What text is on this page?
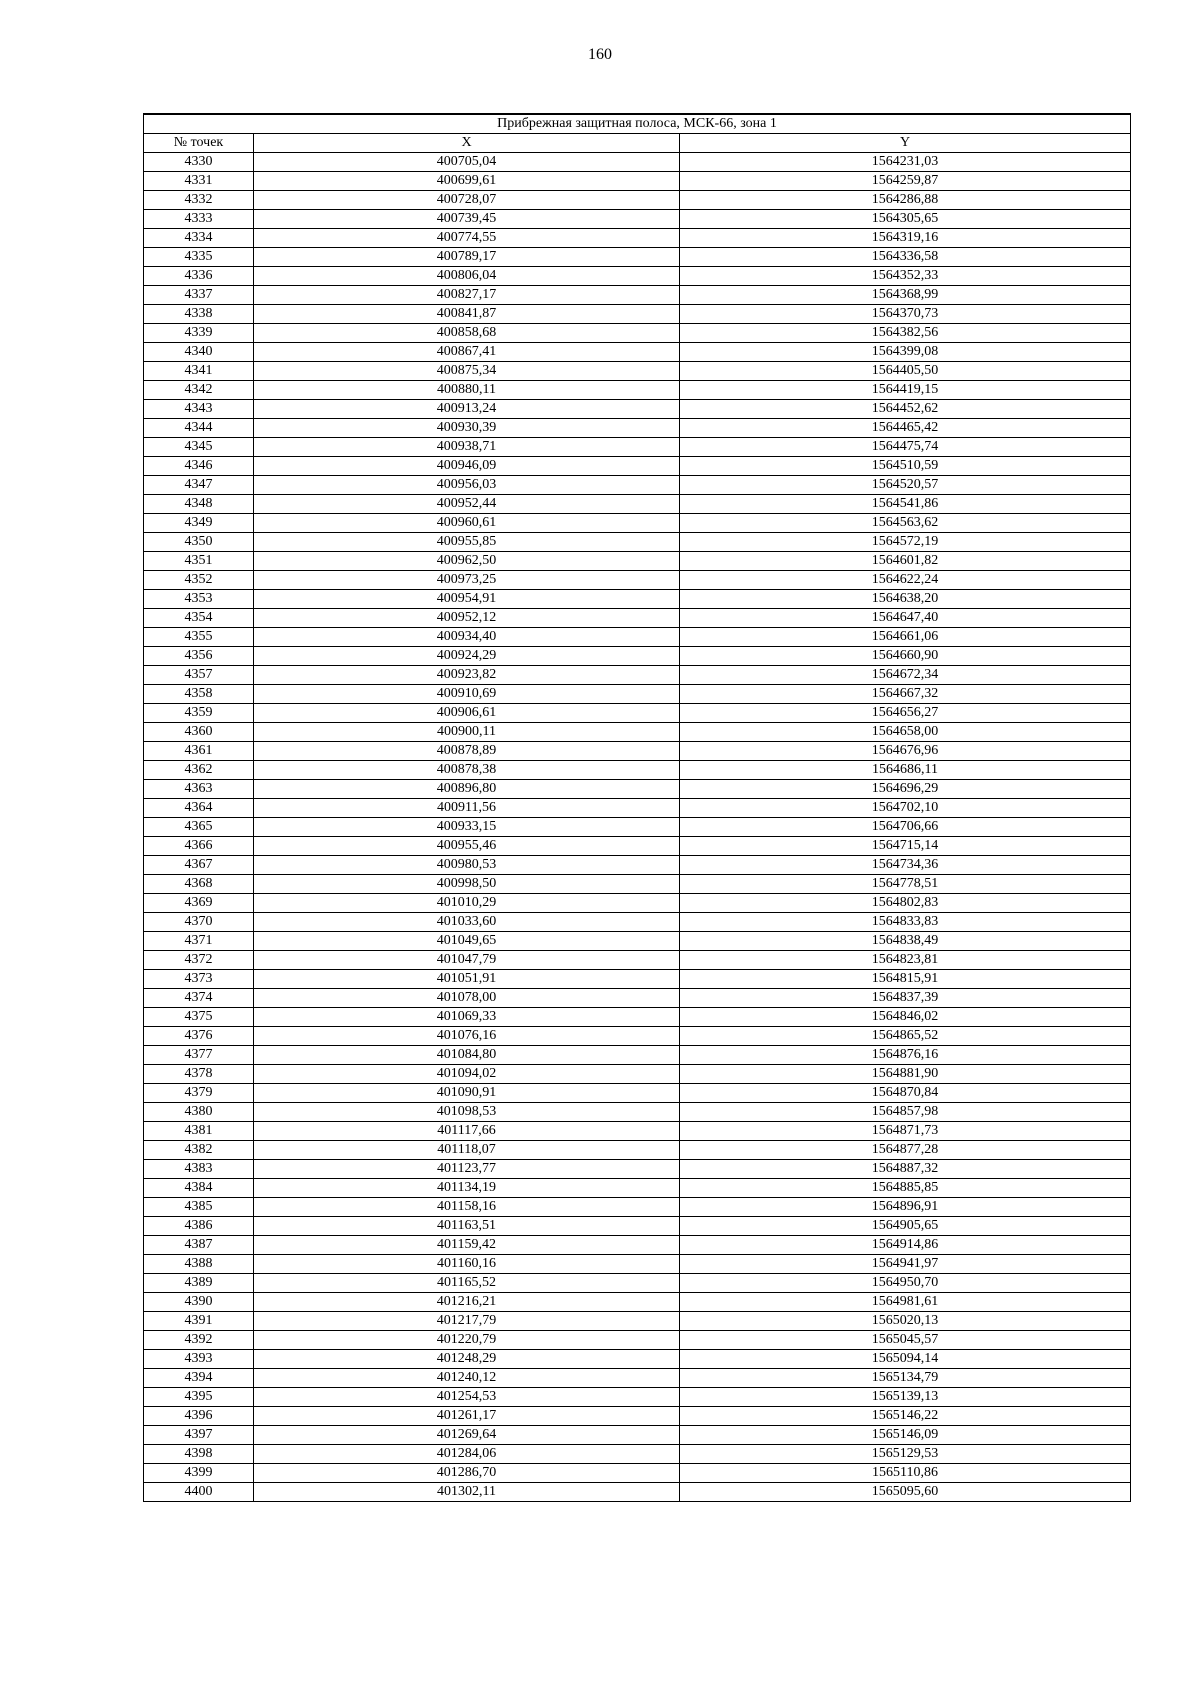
160
Прибрежная защитная полоса, МСК-66, зона 1		
№ точек	X	Y
4330	400705,04	1564231,03
4331	400699,61	1564259,87
4332	400728,07	1564286,88
4333	400739,45	1564305,65
4334	400774,55	1564319,16
4335	400789,17	1564336,58
4336	400806,04	1564352,33
4337	400827,17	1564368,99
4338	400841,87	1564370,73
4339	400858,68	1564382,56
4340	400867,41	1564399,08
4341	400875,34	1564405,50
4342	400880,11	1564419,15
4343	400913,24	1564452,62
4344	400930,39	1564465,42
4345	400938,71	1564475,74
4346	400946,09	1564510,59
4347	400956,03	1564520,57
4348	400952,44	1564541,86
4349	400960,61	1564563,62
4350	400955,85	1564572,19
4351	400962,50	1564601,82
4352	400973,25	1564622,24
4353	400954,91	1564638,20
4354	400952,12	1564647,40
4355	400934,40	1564661,06
4356	400924,29	1564660,90
4357	400923,82	1564672,34
4358	400910,69	1564667,32
4359	400906,61	1564656,27
4360	400900,11	1564658,00
4361	400878,89	1564676,96
4362	400878,38	1564686,11
4363	400896,80	1564696,29
4364	400911,56	1564702,10
4365	400933,15	1564706,66
4366	400955,46	1564715,14
4367	400980,53	1564734,36
4368	400998,50	1564778,51
4369	401010,29	1564802,83
4370	401033,60	1564833,83
4371	401049,65	1564838,49
4372	401047,79	1564823,81
4373	401051,91	1564815,91
4374	401078,00	1564837,39
4375	401069,33	1564846,02
4376	401076,16	1564865,52
4377	401084,80	1564876,16
4378	401094,02	1564881,90
4379	401090,91	1564870,84
4380	401098,53	1564857,98
4381	401117,66	1564871,73
4382	401118,07	1564877,28
4383	401123,77	1564887,32
4384	401134,19	1564885,85
4385	401158,16	1564896,91
4386	401163,51	1564905,65
4387	401159,42	1564914,86
4388	401160,16	1564941,97
4389	401165,52	1564950,70
4390	401216,21	1564981,61
4391	401217,79	1565020,13
4392	401220,79	1565045,57
4393	401248,29	1565094,14
4394	401240,12	1565134,79
4395	401254,53	1565139,13
4396	401261,17	1565146,22
4397	401269,64	1565146,09
4398	401284,06	1565129,53
4399	401286,70	1565110,86
4400	401302,11	1565095,60
